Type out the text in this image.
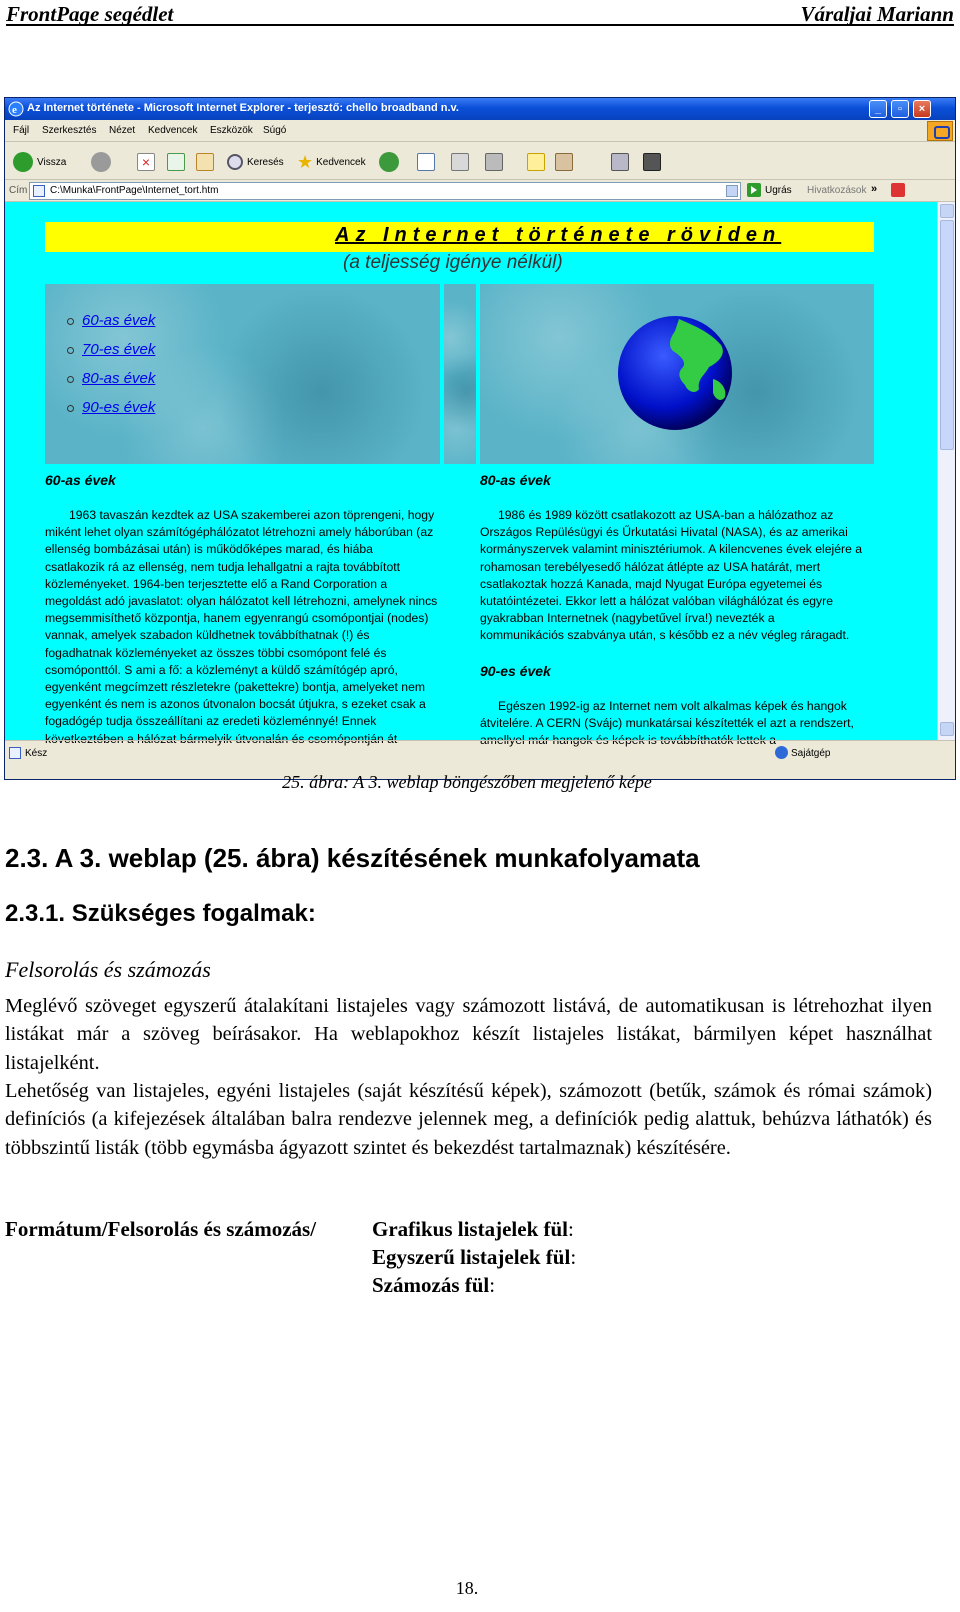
FrontPage segédlet	Váraljai Mariann
e Az Internet története - Microsoft Internet Explorer - terjesztő: chello broadband n.v.	_	▫	×
Fájl Szerkesztés Nézet Kedvencek Eszközök Súgó
Vissza	×	Keresés ★ Kedvencek
Cím	C:\Munka\FrontPage\Internet_tort.htm	Ugrás Hivatkozások »
Az Internet története röviden
(a teljesség igénye nélkül)
60-as évek
70-es évek
80-as évek
90-es évek
60-as évek
1963 tavaszán kezdtek az USA szakemberei azon töprengeni, hogy
miként lehet olyan számítógéphálózatot létrehozni amely háborúban (az
ellenség bombázásai után) is működőképes marad, és hiába
csatlakozik rá az ellenség, nem tudja lehallgatni a rajta továbbított
közleményeket. 1964-ben terjesztette elő a Rand Corporation a
megoldást adó javaslatot: olyan hálózatot kell létrehozni, amelynek nincs
megsemmisíthető központja, hanem egyenrangú csomópontjai (nodes)
vannak, amelyek szabadon küldhetnek továbbíthatnak (!) és
fogadhatnak közleményeket az összes többi csomópont felé és
csomóponttól. S ami a fő: a közleményt a küldő számítógép apró,
egyenként megcímzett részletekre (pakettekre) bontja, amelyeket nem
egyenként és nem is azonos útvonalon bocsát útjukra, s ezeket csak a
fogadógép tudja összeállítani az eredeti közleménnyé! Ennek
következtében a hálózat bármelyik útvonalán és csomópontján át
80-as évek
1986 és 1989 között csatlakozott az USA-ban a hálózathoz az
Országos Repülésügyi és Űrkutatási Hivatal (NASA), és az amerikai
kormányszervek valamint minisztériumok. A kilencvenes évek elejére a
rohamosan terebélyesedő hálózat átlépte az USA határát, mert
csatlakoztak hozzá Kanada, majd Nyugat Európa egyetemei és
kutatóintézetei. Ekkor lett a hálózat valóban világhálózat és egyre
gyakrabban Internetnek (nagybetűvel írva!) nevezték a
kommunikációs szabványa után, s később ez a név végleg ráragadt.
90-es évek
Egészen 1992-ig az Internet nem volt alkalmas képek és hangok
átvitelére. A CERN (Svájc) munkatársai készítették el azt a rendszert,
amellyel már hangok és képek is továbbíthatók lettek a
Kész	Sajátgép
25. ábra: A 3. weblap böngészőben megjelenő képe
2.3. A 3. weblap (25. ábra) készítésének munkafolyamata
2.3.1. Szükséges fogalmak:
Felsorolás és számozás
Meglévő szöveget egyszerű átalakítani listajeles vagy számozott listává, de automatikusan is létrehozhat ilyen listákat már a szöveg beírásakor. Ha weblapokhoz készít listajeles listákat, bármilyen képet használhat listajelként.
Lehetőség van listajeles, egyéni listajeles (saját készítésű képek), számozott (betűk, számok és római számok) definíciós (a kifejezések általában balra rendezve jelennek meg, a definíciók pedig alattuk, behúzva láthatók) és többszintű listák (több egymásba ágyazott szintet és bekezdést tartalmaznak) készítésére.
Formátum/Felsorolás és számozás/	Grafikus listajelek fül:
Egyszerű listajelek fül:
Számozás fül:
18.
